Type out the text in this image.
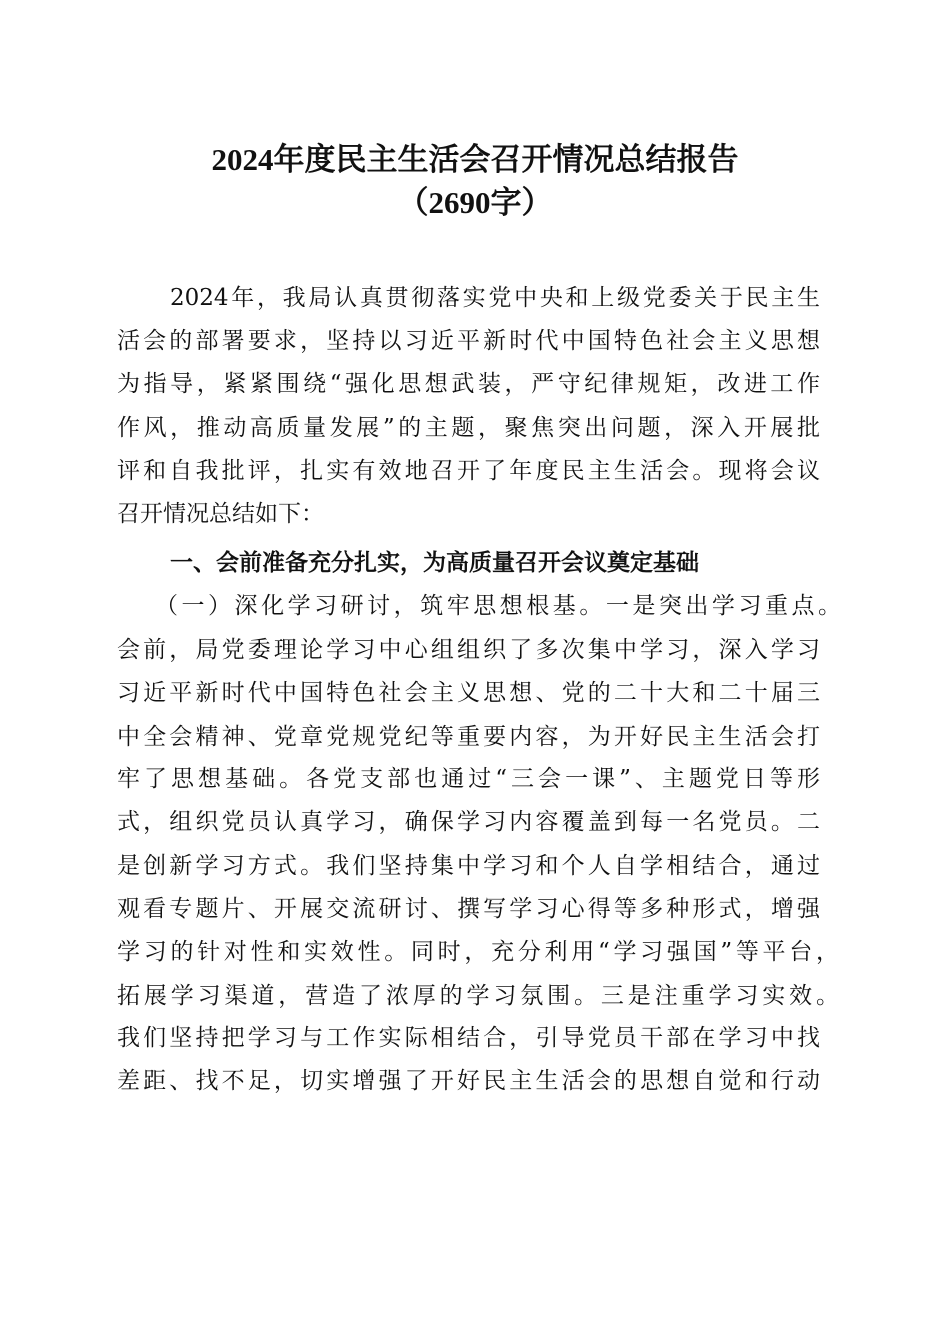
2024年度民主生活会召开情况总结报告
（2690字）
2024年，我局认真贯彻落实党中央和上级党委关于民主生
活会的部署要求，坚持以习近平新时代中国特色社会主义思想
为指导，紧紧围绕“强化思想武装，严守纪律规矩，改进工作
作风，推动高质量发展”的主题，聚焦突出问题，深入开展批
评和自我批评，扎实有效地召开了年度民主生活会。现将会议
召开情况总结如下：
一、会前准备充分扎实，为高质量召开会议奠定基础
（一）深化学习研讨，筑牢思想根基。一是突出学习重点。
会前，局党委理论学习中心组组织了多次集中学习，深入学习
习近平新时代中国特色社会主义思想、党的二十大和二十届三
中全会精神、党章党规党纪等重要内容，为开好民主生活会打
牢了思想基础。各党支部也通过“三会一课”、主题党日等形
式，组织党员认真学习，确保学习内容覆盖到每一名党员。二
是创新学习方式。我们坚持集中学习和个人自学相结合，通过
观看专题片、开展交流研讨、撰写学习心得等多种形式，增强
学习的针对性和实效性。同时，充分利用“学习强国”等平台，
拓展学习渠道，营造了浓厚的学习氛围。三是注重学习实效。
我们坚持把学习与工作实际相结合，引导党员干部在学习中找
差距、找不足，切实增强了开好民主生活会的思想自觉和行动
